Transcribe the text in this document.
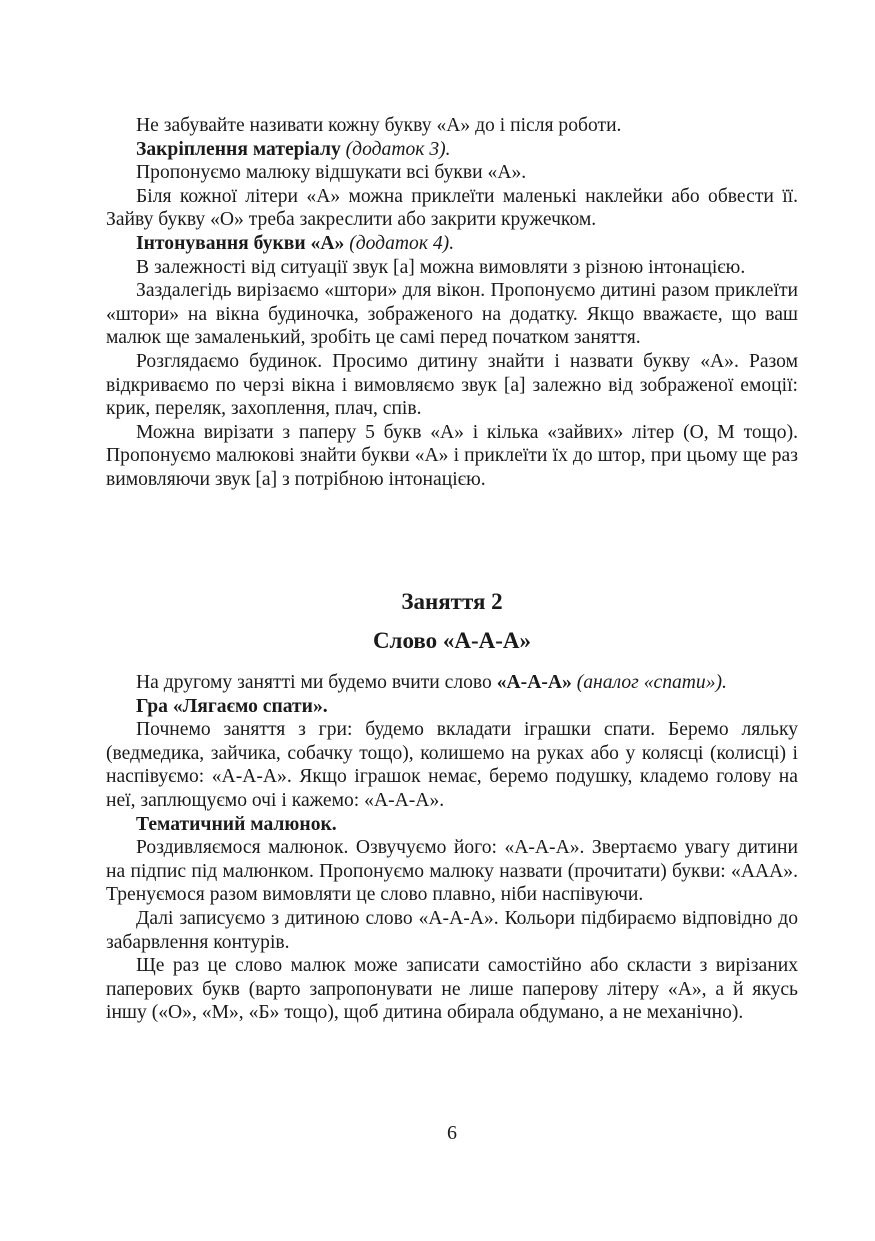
Не забувайте називати кожну букву «А» до і після роботи.

Закріплення матеріалу (додаток 3).

Пропонуємо малюку відшукати всі букви «А».

Біля кожної літери «А» можна приклеїти маленькі наклейки або обвести її. Зайву букву «О» треба закреслити або закрити кружечком.

Інтонування букви «А» (додаток 4).

В залежності від ситуації звук [а] можна вимовляти з різною інтонацією.

Заздалегідь вирізаємо «штори» для вікон. Пропонуємо дитині разом приклеїти «штори» на вікна будиночка, зображеного на додатку. Якщо вважаєте, що ваш малюк ще замаленький, зробіть це самі перед початком заняття.

Розглядаємо будинок. Просимо дитину знайти і назвати букву «А». Разом відкриваємо по черзі вікна і вимовляємо звук [а] залежно від зображеної емоції: крик, переляк, захоплення, плач, спів.

Можна вирізати з паперу 5 букв «А» і кілька «зайвих» літер (О, М тощо). Пропонуємо малюкові знайти букви «А» і приклеїти їх до штор, при цьому ще раз вимовляючи звук [а] з потрібною інтонацією.

Заняття 2
Слово «А-А-А»

На другому занятті ми будемо вчити слово «А-А-А» (аналог «спати»).

Гра «Лягаємо спати».

Почнемо заняття з гри: будемо вкладати іграшки спати. Беремо ляльку (ведмедика, зайчика, собачку тощо), колишемо на руках або у колясці (колисці) і наспівуємо: «А-А-А». Якщо іграшок немає, беремо подушку, кладемо голову на неї, заплющуємо очі і кажемо: «А-А-А».

Тематичний малюнок.

Роздивляємося малюнок. Озвучуємо його: «А-А-А». Звертаємо увагу дитини на підпис під малюнком. Пропонуємо малюку назвати (прочитати) букви: «ААА». Тренуємося разом вимовляти це слово плавно, ніби наспівуючи.

Далі записуємо з дитиною слово «А-А-А». Кольори підбираємо відповідно до забарвлення контурів.

Ще раз це слово малюк може записати самостійно або скласти з вирізаних паперових букв (варто запропонувати не лише паперову літеру «А», а й якусь іншу («О», «М», «Б» тощо), щоб дитина обирала обдумано, а не механічно).

6
